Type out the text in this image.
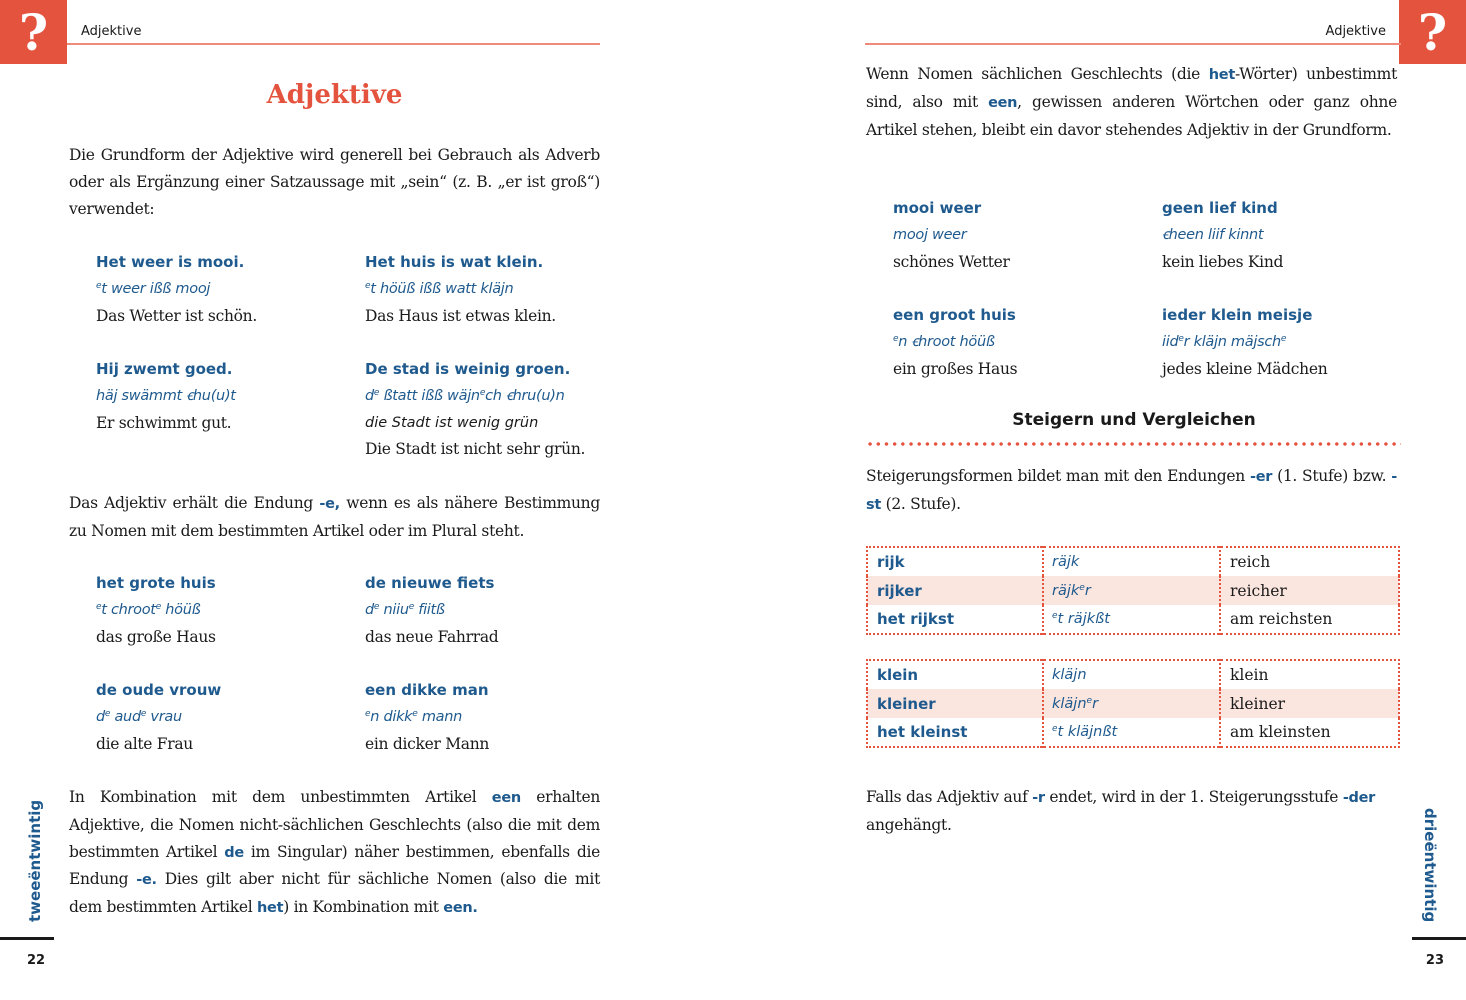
?	Adjektive
Adjektive

Die Grundform der Adjektive wird generell bei Gebrauch als Adverb oder als Ergänzung einer Satzaussage mit „sein“ (z. B. „er ist groß“) verwendet:

Het weer is mooi.
$^e$t weer ißß mooj
Das Wetter ist schön.
Het huis is wat klein.
$^e$t höüß ißß watt kläjn
Das Haus ist etwas klein.
Hij zwemt goed.
häj swämmt ꞓhu(u)t
Er schwimmt gut.
De stad is weinig groen.
$d^e$ ßtatt ißß wäjn$^e$ch ꞓhru(u)n
die Stadt ist wenig grün
Die Stadt ist nicht sehr grün.

Das Adjektiv erhält die Endung -e, wenn es als nähere Bestimmung zu Nomen mit dem bestimmten Artikel oder im Plural steht.

het grote huis
$^e$t chroot$^e$ höüß
das große Haus
de nieuwe fiets
$d^e$ niiu$^e$ fiitß
das neue Fahrrad
de oude vrouw
$d^e$ aud$^e$ vrau
die alte Frau
een dikke man
$^e$n dikk$^e$ mann
ein dicker Mann

In Kombination mit dem unbestimmten Artikel een erhalten Adjektive, die Nomen nicht-sächlichen Geschlechts (also die mit dem bestimmten Artikel de im Singular) näher bestimmen, ebenfalls die Endung -e. Dies gilt aber nicht für sächliche Nomen (also die mit dem bestimmten Artikel het) in Kombination mit een.

tweeëntwintig
22
?
Adjektive

Wenn Nomen sächlichen Geschlechts (die het-Wörter) unbestimmt sind, also mit een, gewissen anderen Wörtchen oder ganz ohne Artikel stehen, bleibt ein davor stehendes Adjektiv in der Grundform.

mooi weer
mooj weer
schönes Wetter
geen lief kind
ꞓheen liif kinnt
kein liebes Kind
een groot huis
$^e$n ꞓhroot höüß
ein großes Haus
ieder klein meisje
iid$^e$r kläjn mäjsch$^e$
jedes kleine Mädchen
Steigern und Vergleichen

Steigerungsformen bildet man mit den Endungen -er (1. Stufe) bzw. -st (2. Stufe).

rijk	räjk	reich
rijker	räjk$^e$r	reicher
het rijkst	$^e$t räjkßt	am reichsten
klein	kläjn	klein
kleiner	kläjn$^e$r	kleiner
het kleinst	$^e$t kläjnßt	am kleinsten

Falls das Adjektiv auf -r endet, wird in der 1. Steigerungsstufe -der angehängt.	drieëntwintig
23
